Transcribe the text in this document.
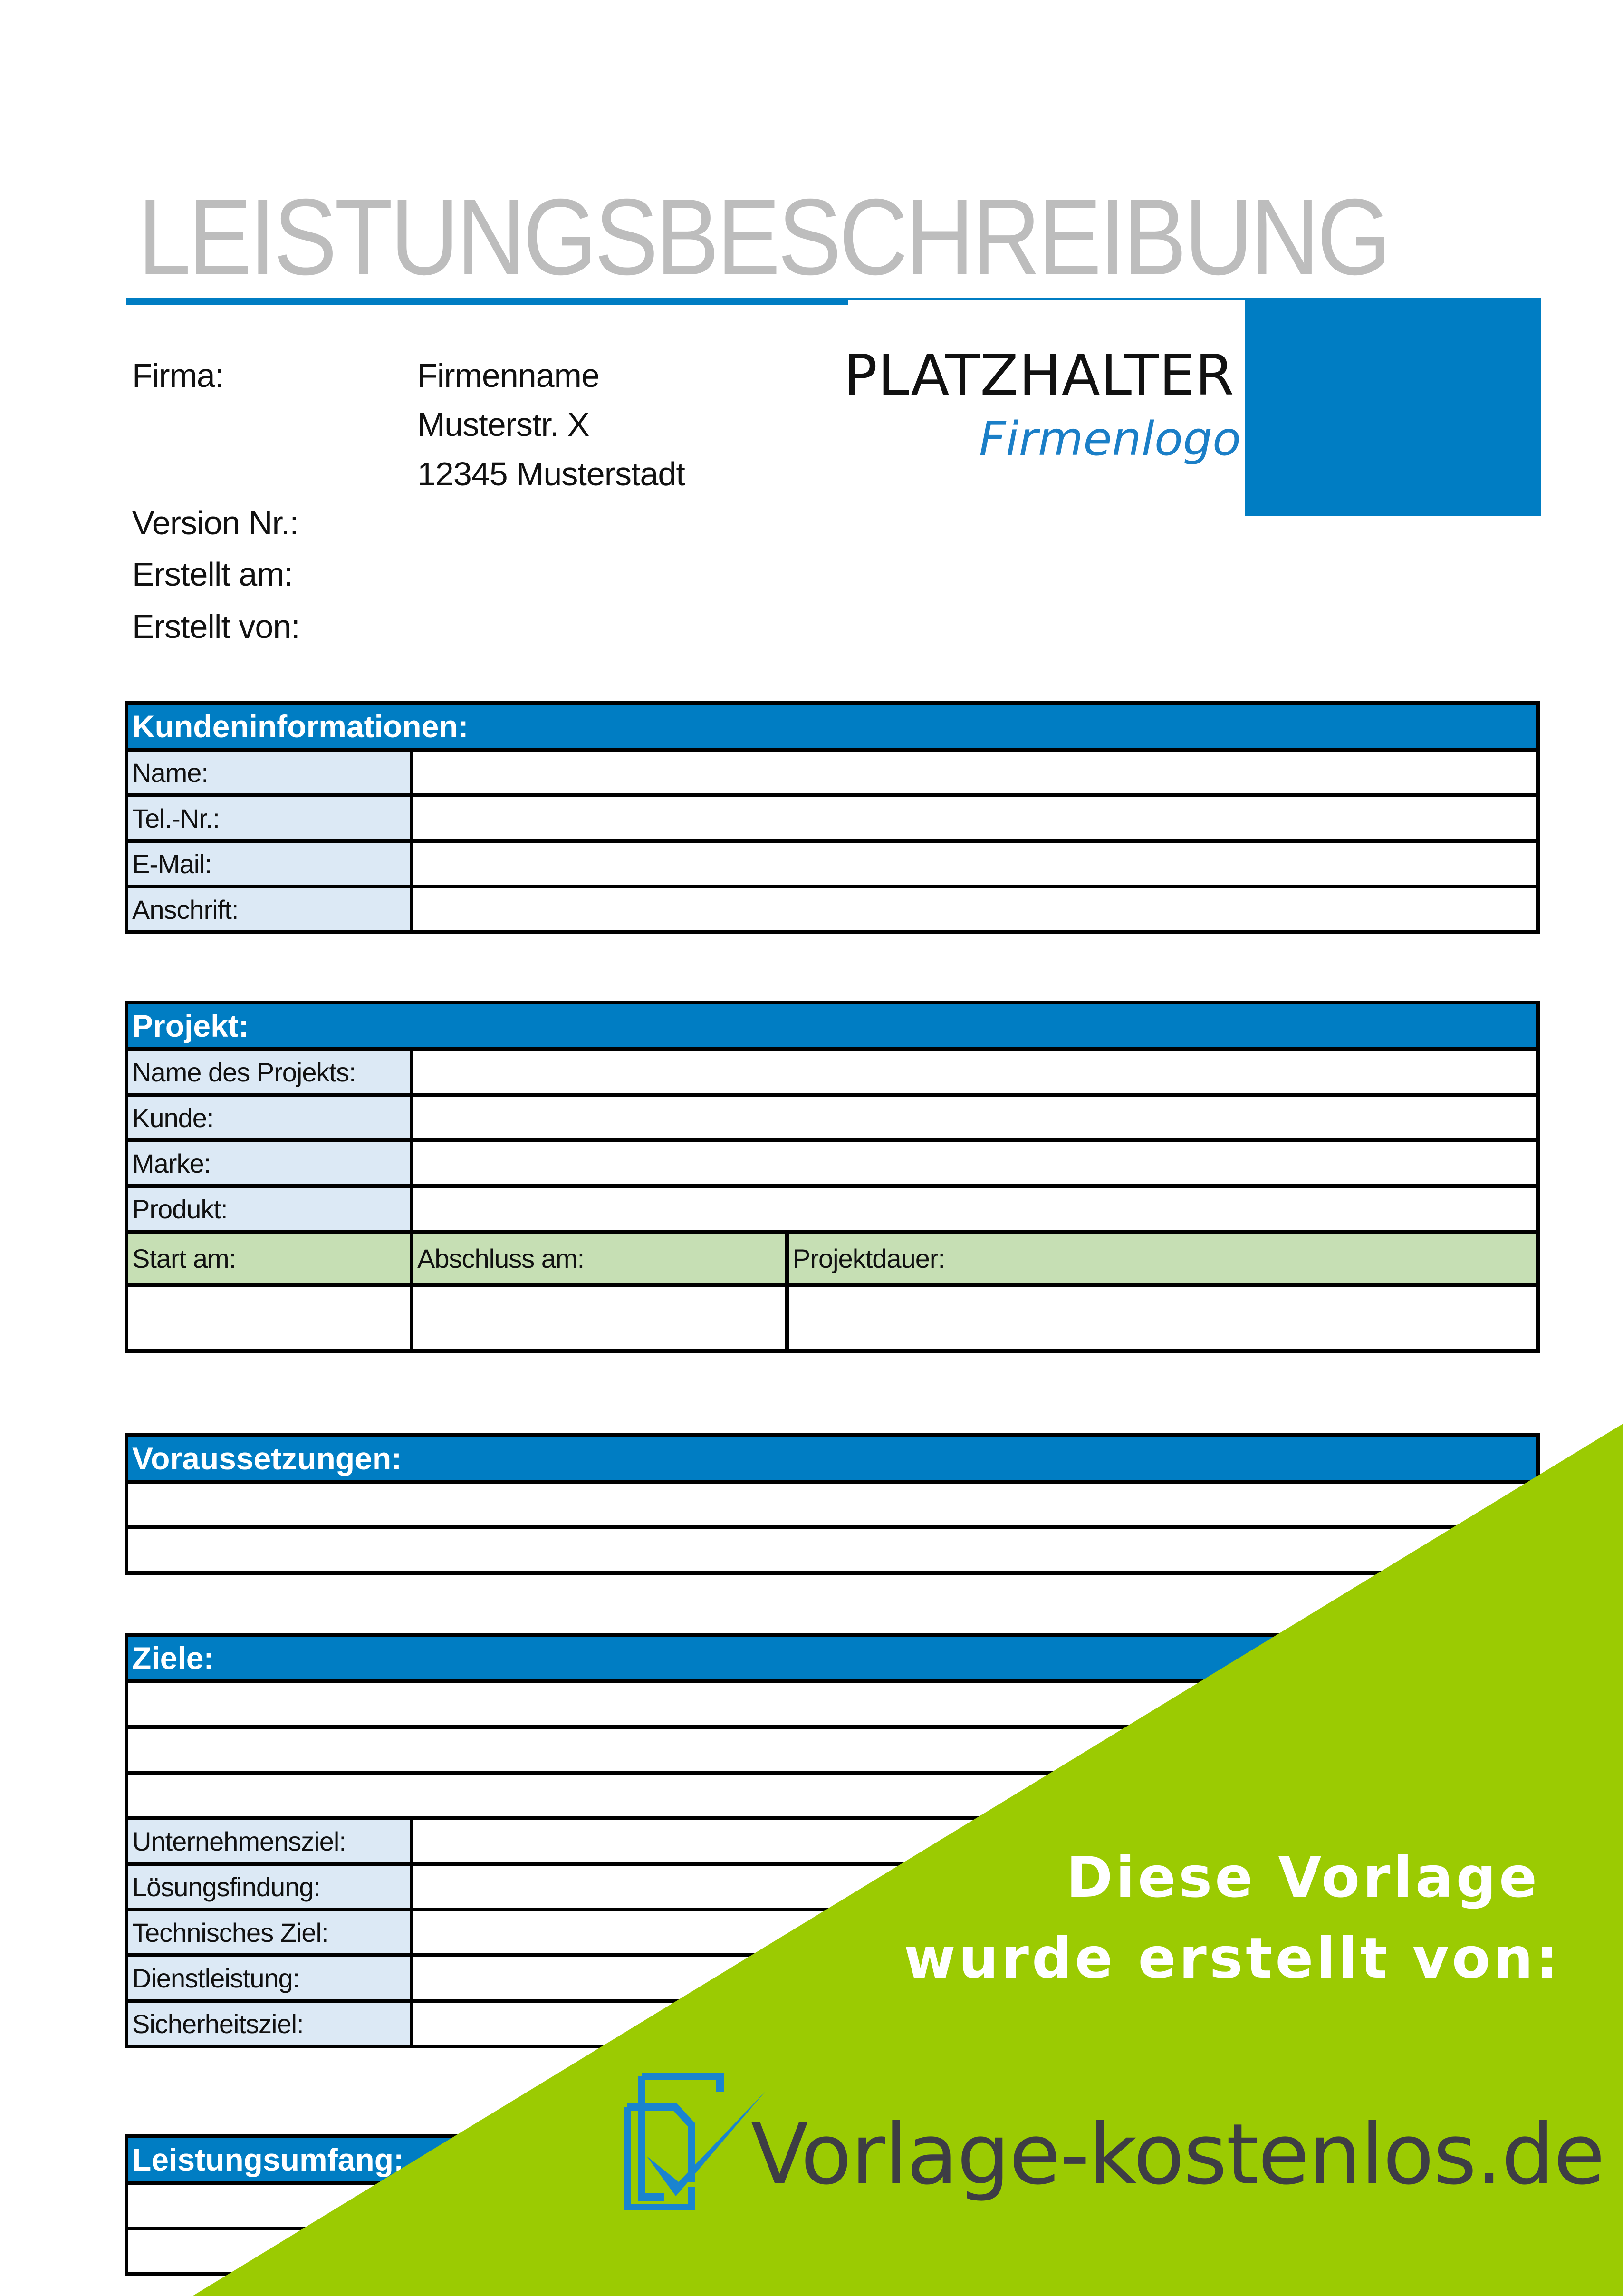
LEISTUNGSBESCHREIBUNG
PLATZHALTER
Firmenlogo
Firma:	Firmenname
Musterstr. X
12345 Musterstadt
Version Nr.:
Erstellt am:
Erstellt von:
Kundeninformationen:	
Name:	
Tel.-Nr.:	
E-Mail:	
Anschrift:	
Projekt:		
Name des Projekts:		
Kunde:		
Marke:		
Produkt:		
Start am:	Abschluss am:	Projektdauer:

Voraussetzungen:

Ziele:	

Unternehmensziel:	
Lösungsfindung:	
Technisches Ziel:	
Dienstleistung:	
Sicherheitsziel:	
Leistungsumfang:

Diese Vorlage
wurde erstellt von:
Vorlage-kostenlos.de
